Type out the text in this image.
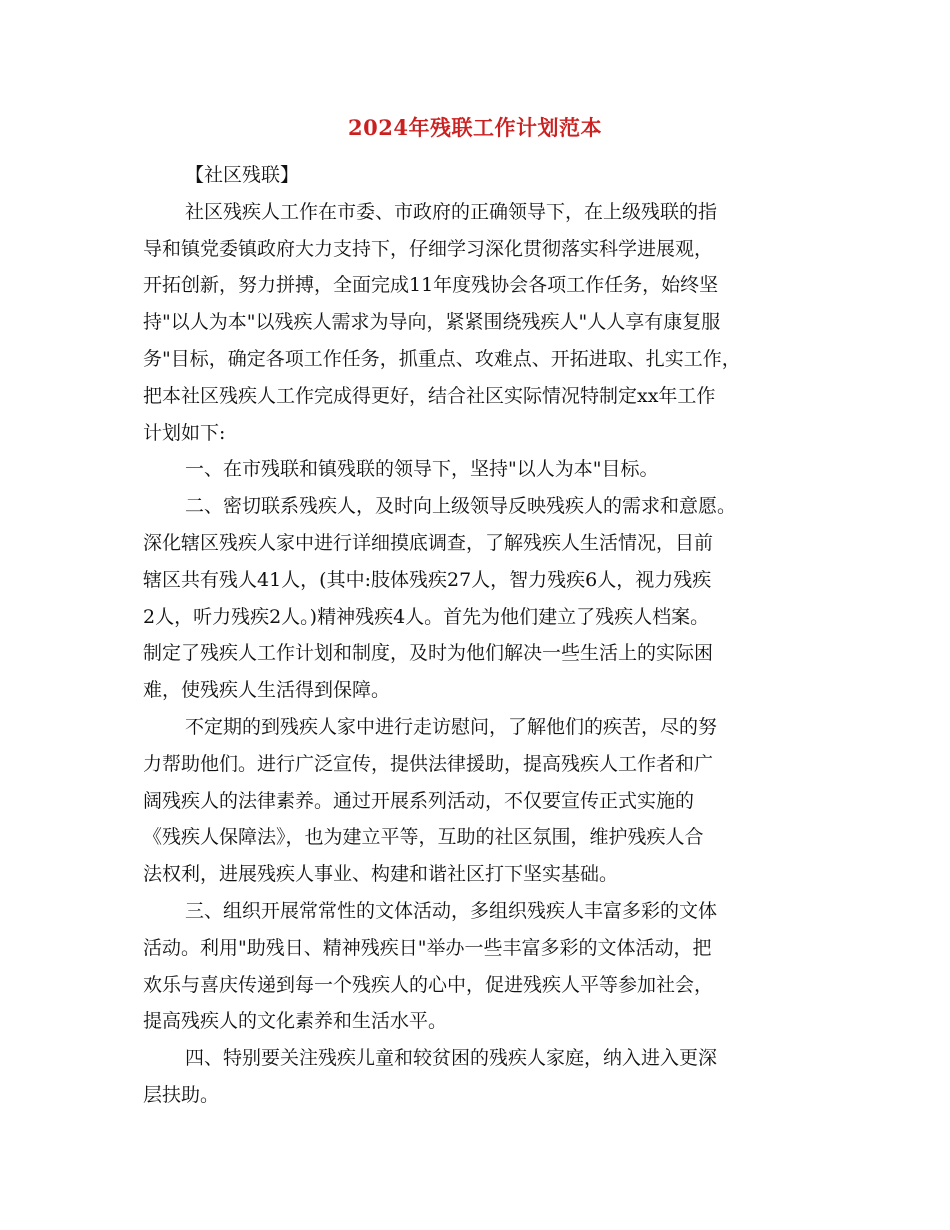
2024年残联工作计划范本
【社区残联】
社区残疾人工作在市委、市政府的正确领导下，在上级残联的指
导和镇党委镇政府大力支持下，仔细学习深化贯彻落实科学进展观，
开拓创新，努力拼搏，全面完成11年度残协会各项工作任务，始终坚
持"以人为本"以残疾人需求为导向，紧紧围绕残疾人"人人享有康复服
务"目标，确定各项工作任务，抓重点、攻难点、开拓进取、扎实工作，
把本社区残疾人工作完成得更好，结合社区实际情况特制定xx年工作
计划如下:
一、在市残联和镇残联的领导下，坚持"以人为本"目标。
二、密切联系残疾人，及时向上级领导反映残疾人的需求和意愿。
深化辖区残疾人家中进行详细摸底调查，了解残疾人生活情况，目前
辖区共有残人41人，(其中:肢体残疾27人，智力残疾6人，视力残疾
2人，听力残疾2人。)精神残疾4人。首先为他们建立了残疾人档案。
制定了残疾人工作计划和制度，及时为他们解决一些生活上的实际困
难，使残疾人生活得到保障。
不定期的到残疾人家中进行走访慰问，了解他们的疾苦，尽的努
力帮助他们。进行广泛宣传，提供法律援助，提高残疾人工作者和广
阔残疾人的法律素养。通过开展系列活动，不仅要宣传正式实施的
《残疾人保障法》，也为建立平等，互助的社区氛围，维护残疾人合
法权利，进展残疾人事业、构建和谐社区打下坚实基础。
三、组织开展常常性的文体活动，多组织残疾人丰富多彩的文体
活动。利用"助残日、精神残疾日"举办一些丰富多彩的文体活动，把
欢乐与喜庆传递到每一个残疾人的心中，促进残疾人平等参加社会，
提高残疾人的文化素养和生活水平。
四、特别要关注残疾儿童和较贫困的残疾人家庭，纳入进入更深
层扶助。
